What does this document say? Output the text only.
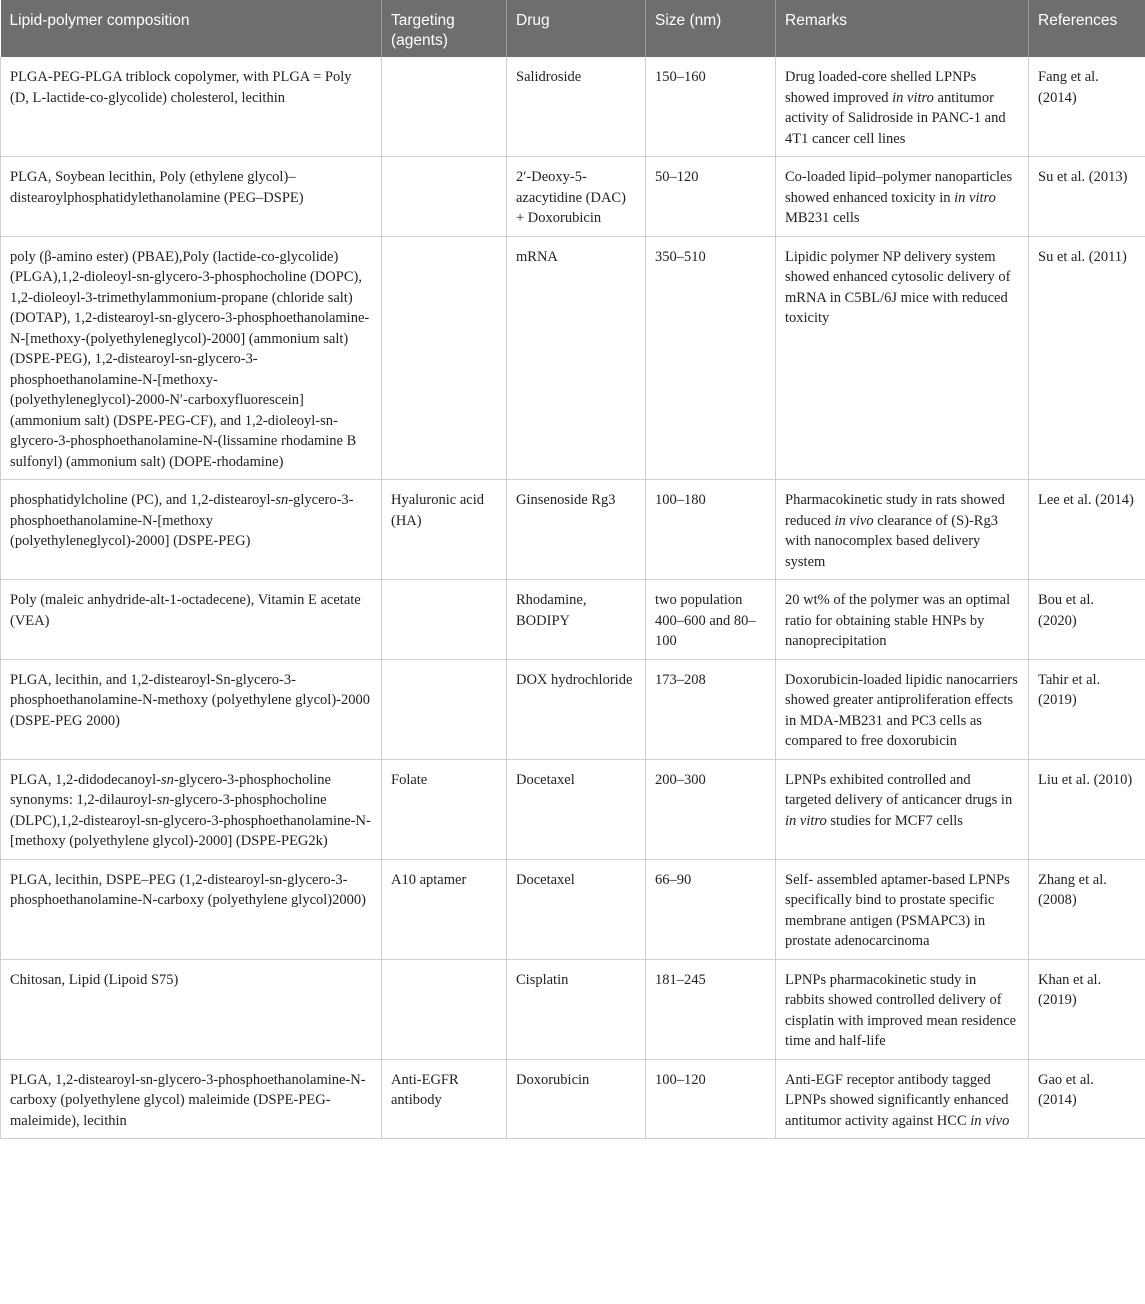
Lipid-polymer composition	Targeting (agents)	Drug	Size (nm)	Remarks	References
PLGA-PEG-PLGA triblock copolymer, with PLGA = Poly (D, L-lactide-co-glycolide) cholesterol, lecithin		Salidroside	150–160	Drug loaded-core shelled LPNPs showed improved in vitro antitumor activity of Salidroside in PANC-1 and 4T1 cancer cell lines	Fang et al. (2014)
PLGA, Soybean lecithin, Poly (ethylene glycol)–distearoylphosphatidylethanolamine (PEG–DSPE)		2′-Deoxy-5-azacytidine (DAC) + Doxorubicin	50–120	Co-loaded lipid–polymer nanoparticles showed enhanced toxicity in in vitro MB231 cells	Su et al. (2013)
poly (β-amino ester) (PBAE),Poly (lactide-co-glycolide) (PLGA),1,2-dioleoyl-sn-glycero-3-phosphocholine (DOPC), 1,2-dioleoyl-3-trimethylammonium-propane (chloride salt) (DOTAP), 1,2-distearoyl-sn-glycero-3-phosphoethanolamine-N-[methoxy-(polyethyleneglycol)-2000] (ammonium salt) (DSPE-PEG), 1,2-distearoyl-sn-glycero-3-phosphoethanolamine-N-[methoxy-(polyethyleneglycol)-2000-N′-carboxyfluorescein] (ammonium salt) (DSPE-PEG-CF), and 1,2-dioleoyl-sn-glycero-3-phosphoethanolamine-N-(lissamine rhodamine B sulfonyl) (ammonium salt) (DOPE-rhodamine)		mRNA	350–510	Lipidic polymer NP delivery system showed enhanced cytosolic delivery of mRNA in C5BL/6J mice with reduced toxicity	Su et al. (2011)
phosphatidylcholine (PC), and 1,2-distearoyl-sn-glycero-3-phosphoethanolamine-N-[methoxy (polyethyleneglycol)-2000] (DSPE-PEG)	Hyaluronic acid (HA)	Ginsenoside Rg3	100–180	Pharmacokinetic study in rats showed reduced in vivo clearance of (S)-Rg3 with nanocomplex based delivery system	Lee et al. (2014)
Poly (maleic anhydride-alt-1-octadecene), Vitamin E acetate (VEA)		Rhodamine, BODIPY	two population 400–600 and 80–100	20 wt% of the polymer was an optimal ratio for obtaining stable HNPs by nanoprecipitation	Bou et al. (2020)
PLGA, lecithin, and 1,2-distearoyl-Sn-glycero-3-phosphoethanolamine-N-methoxy (polyethylene glycol)-2000 (DSPE-PEG 2000)		DOX hydrochloride	173–208	Doxorubicin-loaded lipidic nanocarriers showed greater antiproliferation effects in MDA-MB231 and PC3 cells as compared to free doxorubicin	Tahir et al. (2019)
PLGA, 1,2-didodecanoyl-sn-glycero-3-phosphocholine synonyms: 1,2-dilauroyl-sn-glycero-3-phosphocholine (DLPC),1,2-distearoyl-sn-glycero-3-phosphoethanolamine-N-[methoxy (polyethylene glycol)-2000] (DSPE-PEG2k)	Folate	Docetaxel	200–300	LPNPs exhibited controlled and targeted delivery of anticancer drugs in in vitro studies for MCF7 cells	Liu et al. (2010)
PLGA, lecithin, DSPE–PEG (1,2-distearoyl-sn-glycero-3-phosphoethanolamine-N-carboxy (polyethylene glycol)2000)	A10 aptamer	Docetaxel	66–90	Self- assembled aptamer-based LPNPs specifically bind to prostate specific membrane antigen (PSMAPC3) in prostate adenocarcinoma	Zhang et al. (2008)
Chitosan, Lipid (Lipoid S75)		Cisplatin	181–245	LPNPs pharmacokinetic study in rabbits showed controlled delivery of cisplatin with improved mean residence time and half-life	Khan et al. (2019)
PLGA, 1,2-distearoyl-sn-glycero-3-phosphoethanolamine-N-carboxy (polyethylene glycol) maleimide (DSPE-PEG-maleimide), lecithin	Anti-EGFR antibody	Doxorubicin	100–120	Anti-EGF receptor antibody tagged LPNPs showed significantly enhanced antitumor activity against HCC in vivo	Gao et al. (2014)
